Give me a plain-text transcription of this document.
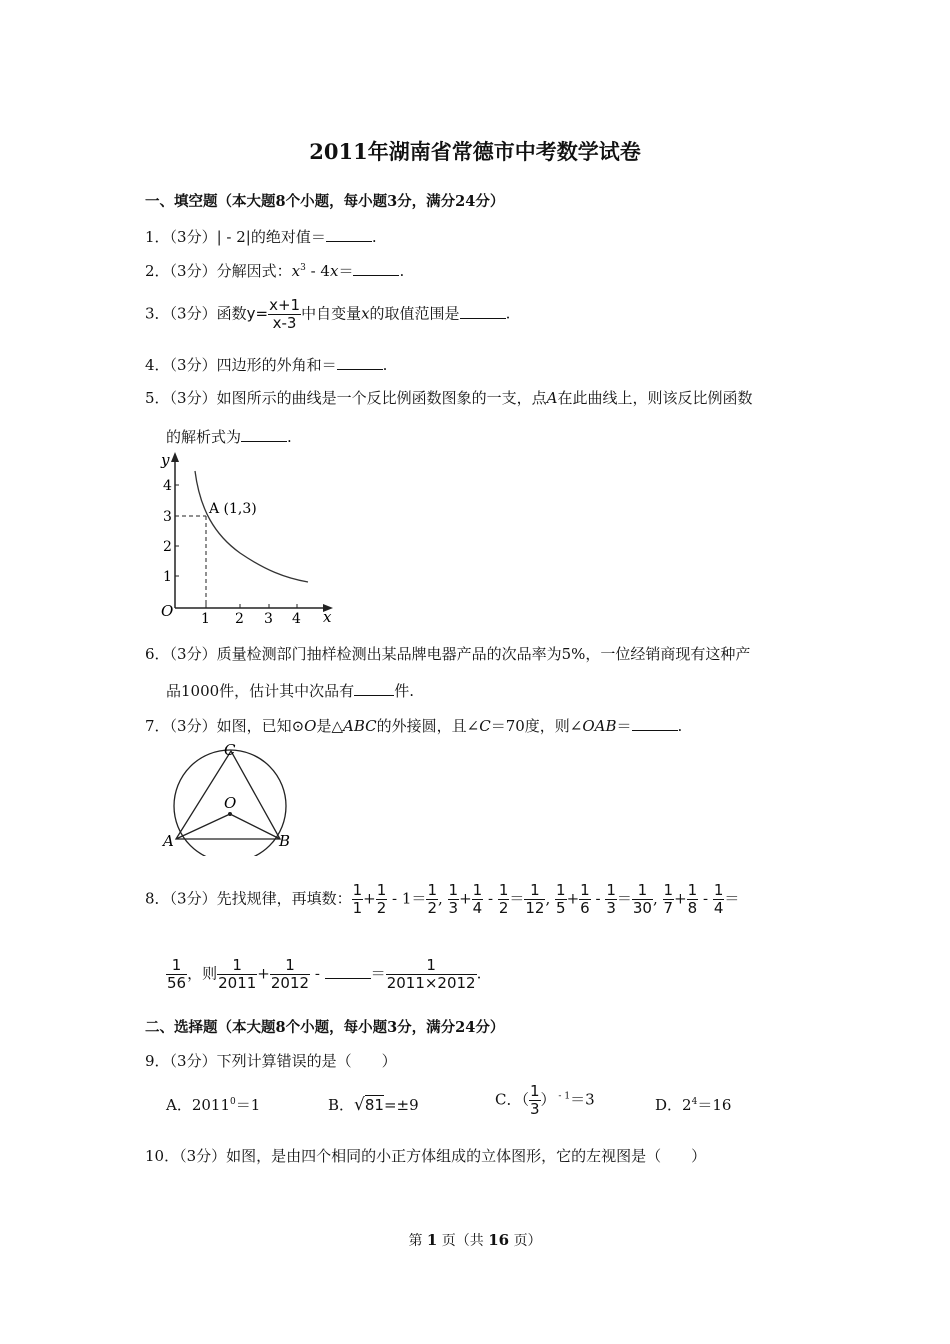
2011年湖南省常德市中考数学试卷
一、填空题（本大题8个小题，每小题3分，满分24分）
1．（3分）| - 2|的绝对值＝	.
2．（3分）分解因式：$x^3 - 4x=$	.
3．（3分）函数$y= \frac{x+1}{x-3}$ 中自变量x的取值范围是	.
4．（3分）四边形的外角和＝	.
5．（3分）如图所示的曲线是一个反比例函数图象的一支，点A在此曲线上，则该反比例函数
的解析式为	.
y
x
O
4
3
2
1
1 2 3 4
A (1,3)
6．（3分）质量检测部门抽样检测出某品牌电器产品的次品率为5%，一位经销商现有这种产
品1000件，估计其中次品有	件.
7．（3分）如图，已知⊙O是△ABC的外接圆，且∠C＝70度，则∠OAB＝	.
C
O
A	B
8．（3分）先找规律，再填数： $\frac{1}{1} + \frac{1}{2} - 1= \frac{1}{2}$ , $\frac{1}{3} + \frac{1}{4} - \frac{1}{2} = \frac{1}{12}$ , $\frac{1}{5} + \frac{1}{6} - \frac{1}{3} = \frac{1}{30}$ , $\frac{1}{7} + \frac{1}{8} - \frac{1}{4}$ ＝
$\frac{1}{56}$ ，则 $\frac{1}{2011} + \frac{1}{2012}$ -	＝ $\frac{1}{2011\times 2012}$ .
二、选择题（本大题8个小题，每小题3分，满分24分）
9．（3分）下列计算错误的是（　　）
A．$2011^0=1$	B．√81=±9	C．（ $\frac{1}{3}$ ） $^{- 1}$＝3	D．$2^4=16$
10．（3分）如图，是由四个相同的小正方体组成的立体图形，它的左视图是（　　）
第 1 页（共 16 页）
